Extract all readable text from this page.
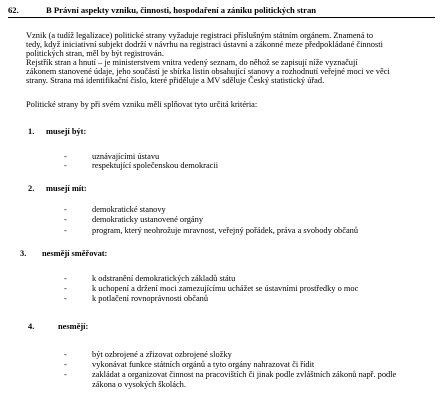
62.	B Právní aspekty vzniku, činnosti, hospodaření a zániku politických stran
Vznik (a tudíž legalizace) politické strany vyžaduje registraci příslušným státním orgánem. Znamená to
tedy, když iniciativní subjekt dodrží v návrhu na registraci ústavní a zákonné meze předpokládané činnosti
politických stran, měl by být registrován.
Rejstřík stran a hnutí – je ministerstvem vnitra vedený seznam, do něhož se zapisují níže vyznačují
zákonem stanovené údaje, jeho součástí je sbírka listin obsahující stanovy a rozhodnutí veřejné moci ve věci
strany. Strana má identifikační číslo, které přiděluje a MV sděluje Český statistický úřad.
Politické strany by při svém vzniku měli splňovat tyto určitá kritéria:
1. musejí být:
-	uznávajícími ústavu
-	respektující společenskou demokracii
2. musejí mít:
-	demokratické stanovy
-	demokraticky ustanovené orgány
-	program, který neohrožuje mravnost, veřejný pořádek, práva a svobody občanů
3. nesmějí směřovat:
-	k odstranění demokratických základů státu
-	k uchopení a držení moci zamezujícímu uchážet se ústavními prostředky o moc
-	k potlačení rovnoprávnosti občanů
4.	nesmějí:
-	být ozbrojené a zřizovat ozbrojené složky
-	vykonávat funkce státních orgánů a tyto orgány nahrazovat či řídit
-	zakládat a organizovat činnost na pracovištích či jinak podle zvláštních zákonů např. podle
zákona o vysokých školách.
